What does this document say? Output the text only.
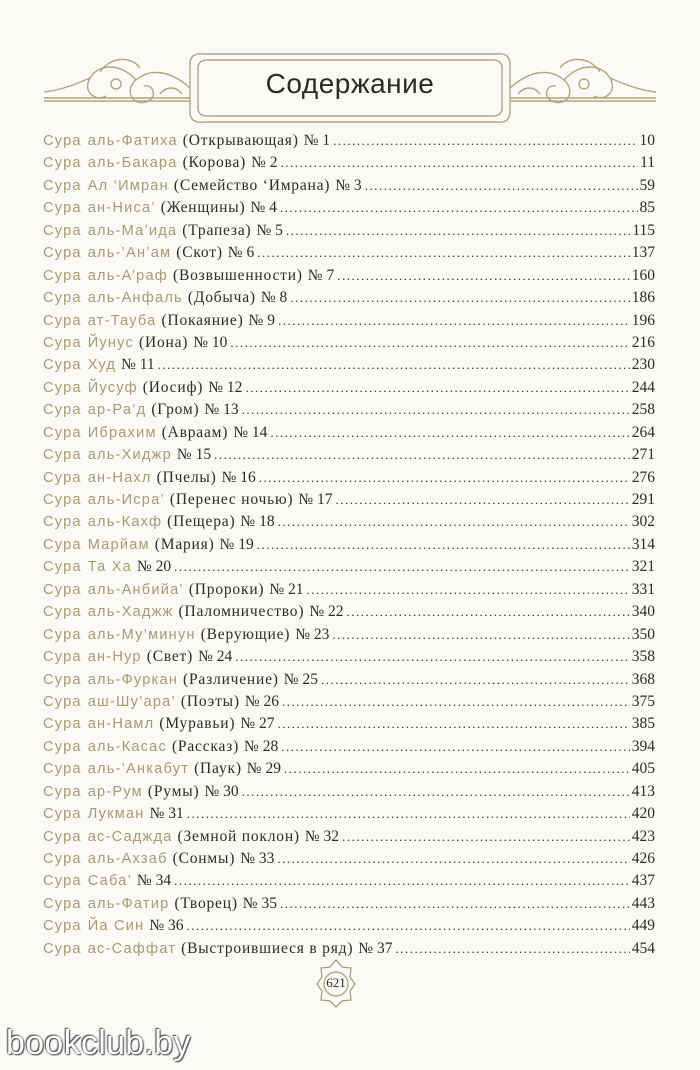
Содержание
Сура аль-Фатиха (Открывающая) № 1 .....	10
Сура аль-Бакара (Корова) № 2 .....	11
Сура Ал ‘Имран (Семейство ‘Имрана) № 3 .....	59
Сура ан-Ниса’ (Женщины) № 4 .....	85
Сура аль-Ма’ида (Трапеза) № 5 .....	115
Сура аль-’Ан’ам (Скот) № 6 .....	137
Сура аль-А’раф (Возвышенности) № 7 .....	160
Сура аль-Анфаль (Добыча) № 8 .....	186
Сура ат-Тауба (Покаяние) № 9 .....	196
Сура Йунус (Иона) № 10 .....	216
Сура Худ № 11 .....	230
Сура Йусуф (Иосиф) № 12 .....	244
Сура ар-Ра’д (Гром) № 13 .....	258
Сура Ибрахим (Авраам) № 14 .....	264
Сура аль-Хиджр № 15 .....	271
Сура ан-Нахл (Пчелы) № 16 .....	276
Сура аль-Исра’ (Перенес ночью) № 17 .....	291
Сура аль-Кахф (Пещера) № 18 .....	302
Сура Марйам (Мария) № 19 .....	314
Сура Та Ха № 20 .....	321
Сура аль-Анбийа’ (Пророки) № 21 .....	331
Сура аль-Хаджж (Паломничество) № 22 .....	340
Сура аль-Му’минун (Верующие) № 23 .....	350
Сура ан-Нур (Свет) № 24 .....	358
Сура аль-Фуркан (Различение) № 25 .....	368
Сура аш-Шу’ара’ (Поэты) № 26 .....	375
Сура ан-Намл (Муравьи) № 27 .....	385
Сура аль-Касас (Рассказ) № 28 .....	394
Сура аль-’Анкабут (Паук) № 29 .....	405
Сура ар-Рум (Румы) № 30 .....	413
Сура Лукман № 31 .....	420
Сура ас-Саджда (Земной поклон) № 32 .....	423
Сура аль-Ахзаб (Сонмы) № 33 .....	426
Сура Саба’ № 34 .....	437
Сура аль-Фатир (Творец) № 35 .....	443
Сура Йа Син № 36 .....	449
Сура ас-Саффат (Выстроившиеся в ряд) № 37 .....	454
621
bookclub.by
